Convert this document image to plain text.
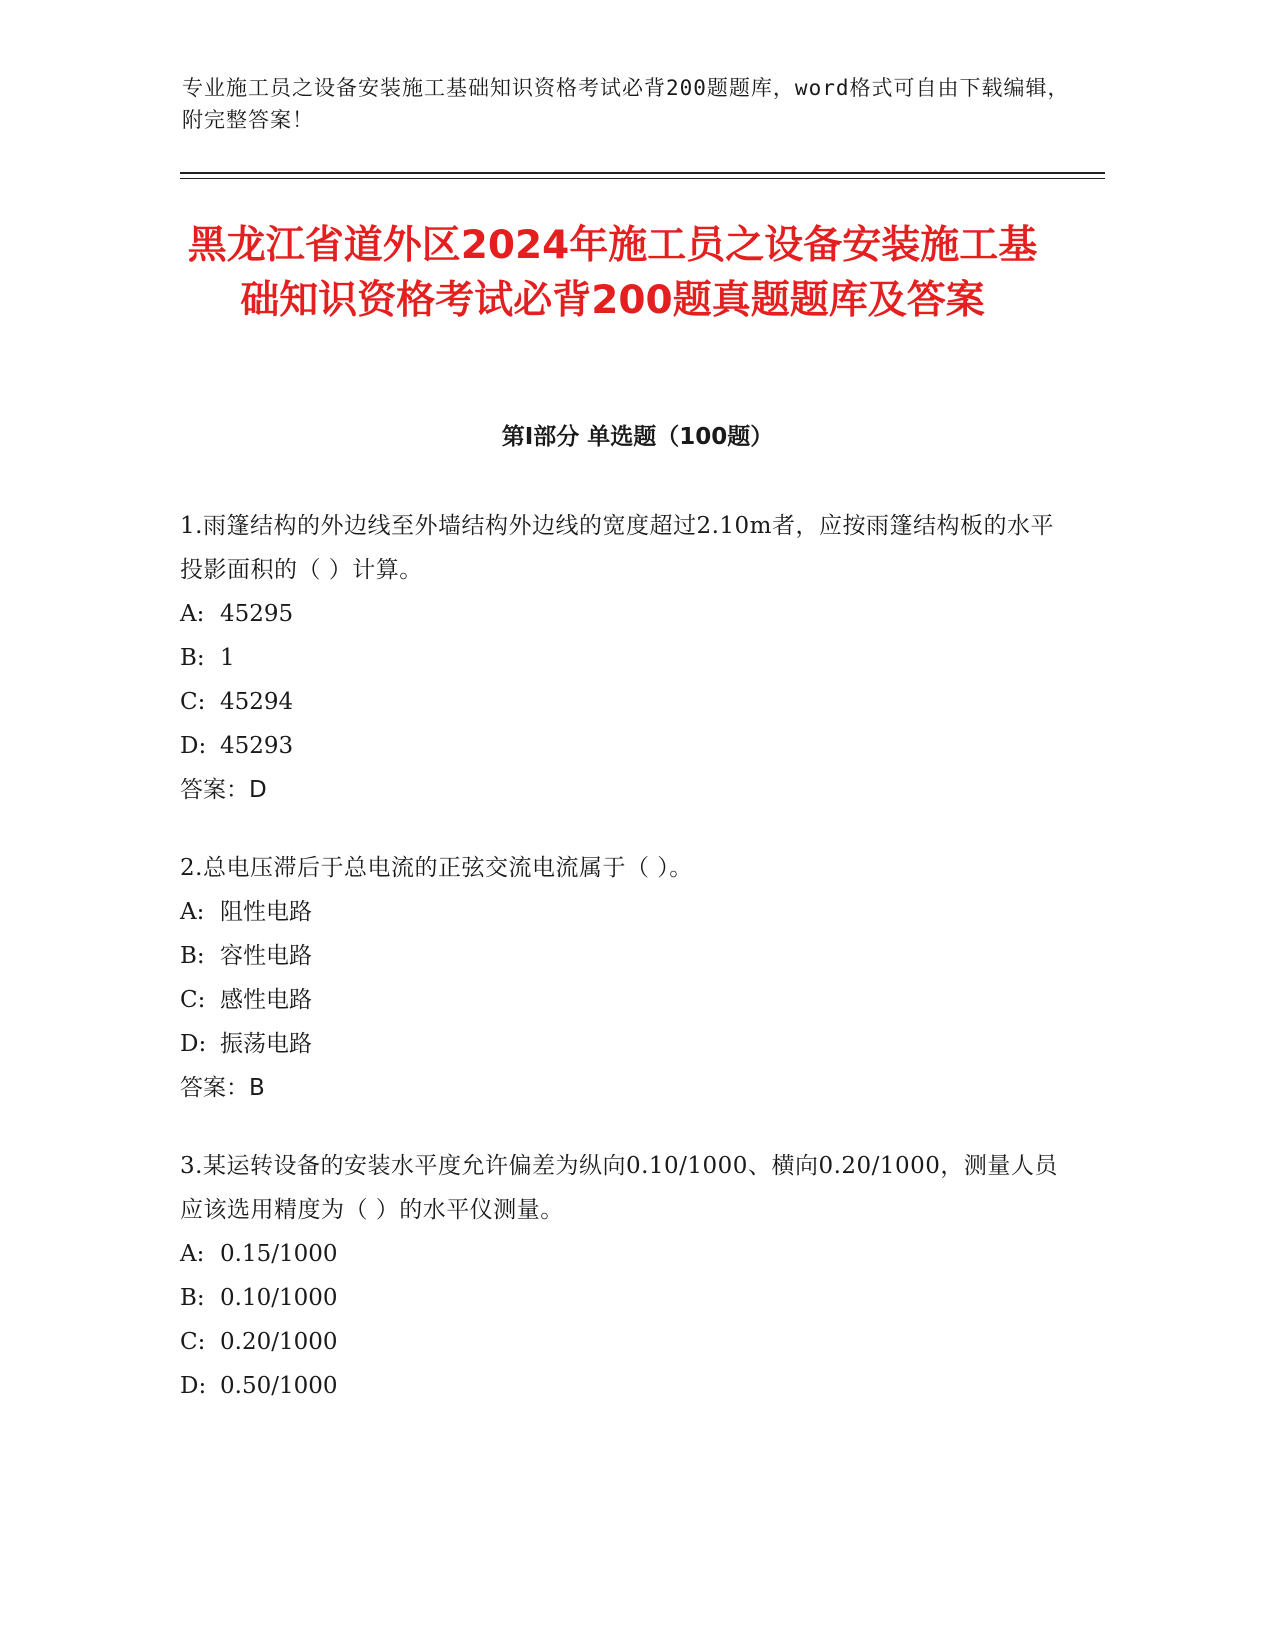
专业施工员之设备安装施工基础知识资格考试必背200题题库，word格式可自由下载编辑，附完整答案！
黑龙江省道外区2024年施工员之设备安装施工基础知识资格考试必背200题真题题库及答案
第Ⅰ部分 单选题（100题）
1.雨篷结构的外边线至外墙结构外边线的宽度超过2.10m者，应按雨篷结构板的水平投影面积的（ ）计算。
A: 45295
B: 1
C: 45294
D: 45293
答案：D
2.总电压滞后于总电流的正弦交流电流属于（ ）。
A: 阻性电路
B: 容性电路
C: 感性电路
D: 振荡电路
答案：B
3.某运转设备的安装水平度允许偏差为纵向0.10/1000、横向0.20/1000，测量人员应该选用精度为（ ）的水平仪测量。
A: 0.15/1000
B: 0.10/1000
C: 0.20/1000
D: 0.50/1000
